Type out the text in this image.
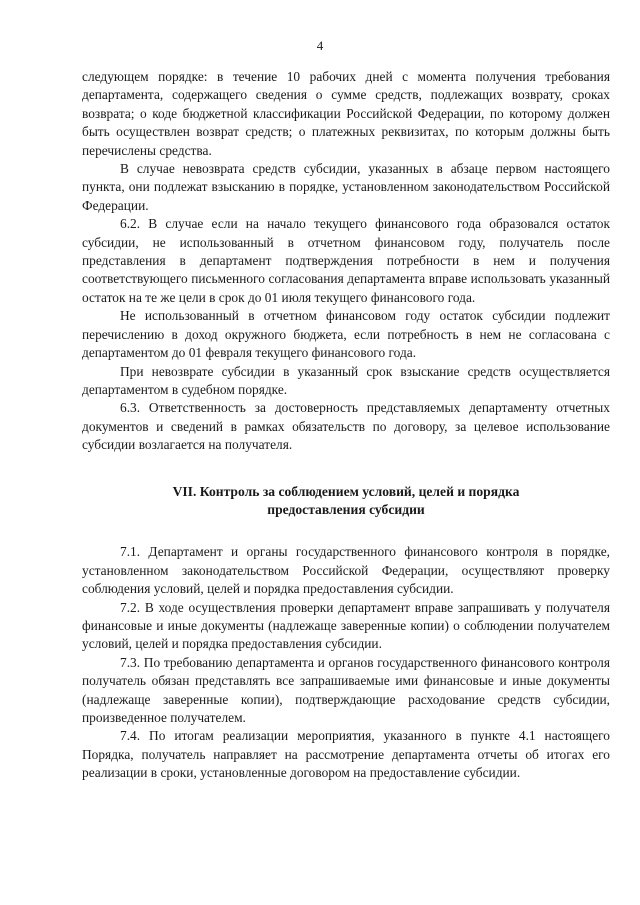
4

следующем порядке: в течение 10 рабочих дней с момента получения требования департамента, содержащего сведения о сумме средств, подлежащих возврату, сроках возврата; о коде бюджетной классификации Российской Федерации, по которому должен быть осуществлен возврат средств; о платежных реквизитах, по которым должны быть перечислены средства.

В случае невозврата средств субсидии, указанных в абзаце первом настоящего пункта, они подлежат взысканию в порядке, установленном законодательством Российской Федерации.

6.2. В случае если на начало текущего финансового года образовался остаток субсидии, не использованный в отчетном финансовом году, получатель после представления в департамент подтверждения потребности в нем и получения соответствующего письменного согласования департамента вправе использовать указанный остаток на те же цели в срок до 01 июля текущего финансового года.

Не использованный в отчетном финансовом году остаток субсидии подлежит перечислению в доход окружного бюджета, если потребность в нем не согласована с департаментом до 01 февраля текущего финансового года.

При невозврате субсидии в указанный срок взыскание средств осуществляется департаментом в судебном порядке.

6.3. Ответственность за достоверность представляемых департаменту отчетных документов и сведений в рамках обязательств по договору, за целевое использование субсидии возлагается на получателя.

VII. Контроль за соблюдением условий, целей и порядка
предоставления субсидии

7.1. Департамент и органы государственного финансового контроля в порядке, установленном законодательством Российской Федерации, осуществляют проверку соблюдения условий, целей и порядка предоставления субсидии.

7.2. В ходе осуществления проверки департамент вправе запрашивать у получателя финансовые и иные документы (надлежаще заверенные копии) о соблюдении получателем условий, целей и порядка предоставления субсидии.

7.3. По требованию департамента и органов государственного финансового контроля получатель обязан представлять все запрашиваемые ими финансовые и иные документы (надлежаще заверенные копии), подтверждающие расходование средств субсидии, произведенное получателем.

7.4. По итогам реализации мероприятия, указанного в пункте 4.1 настоящего Порядка, получатель направляет на рассмотрение департамента отчеты об итогах его реализации в сроки, установленные договором на предоставление субсидии.
